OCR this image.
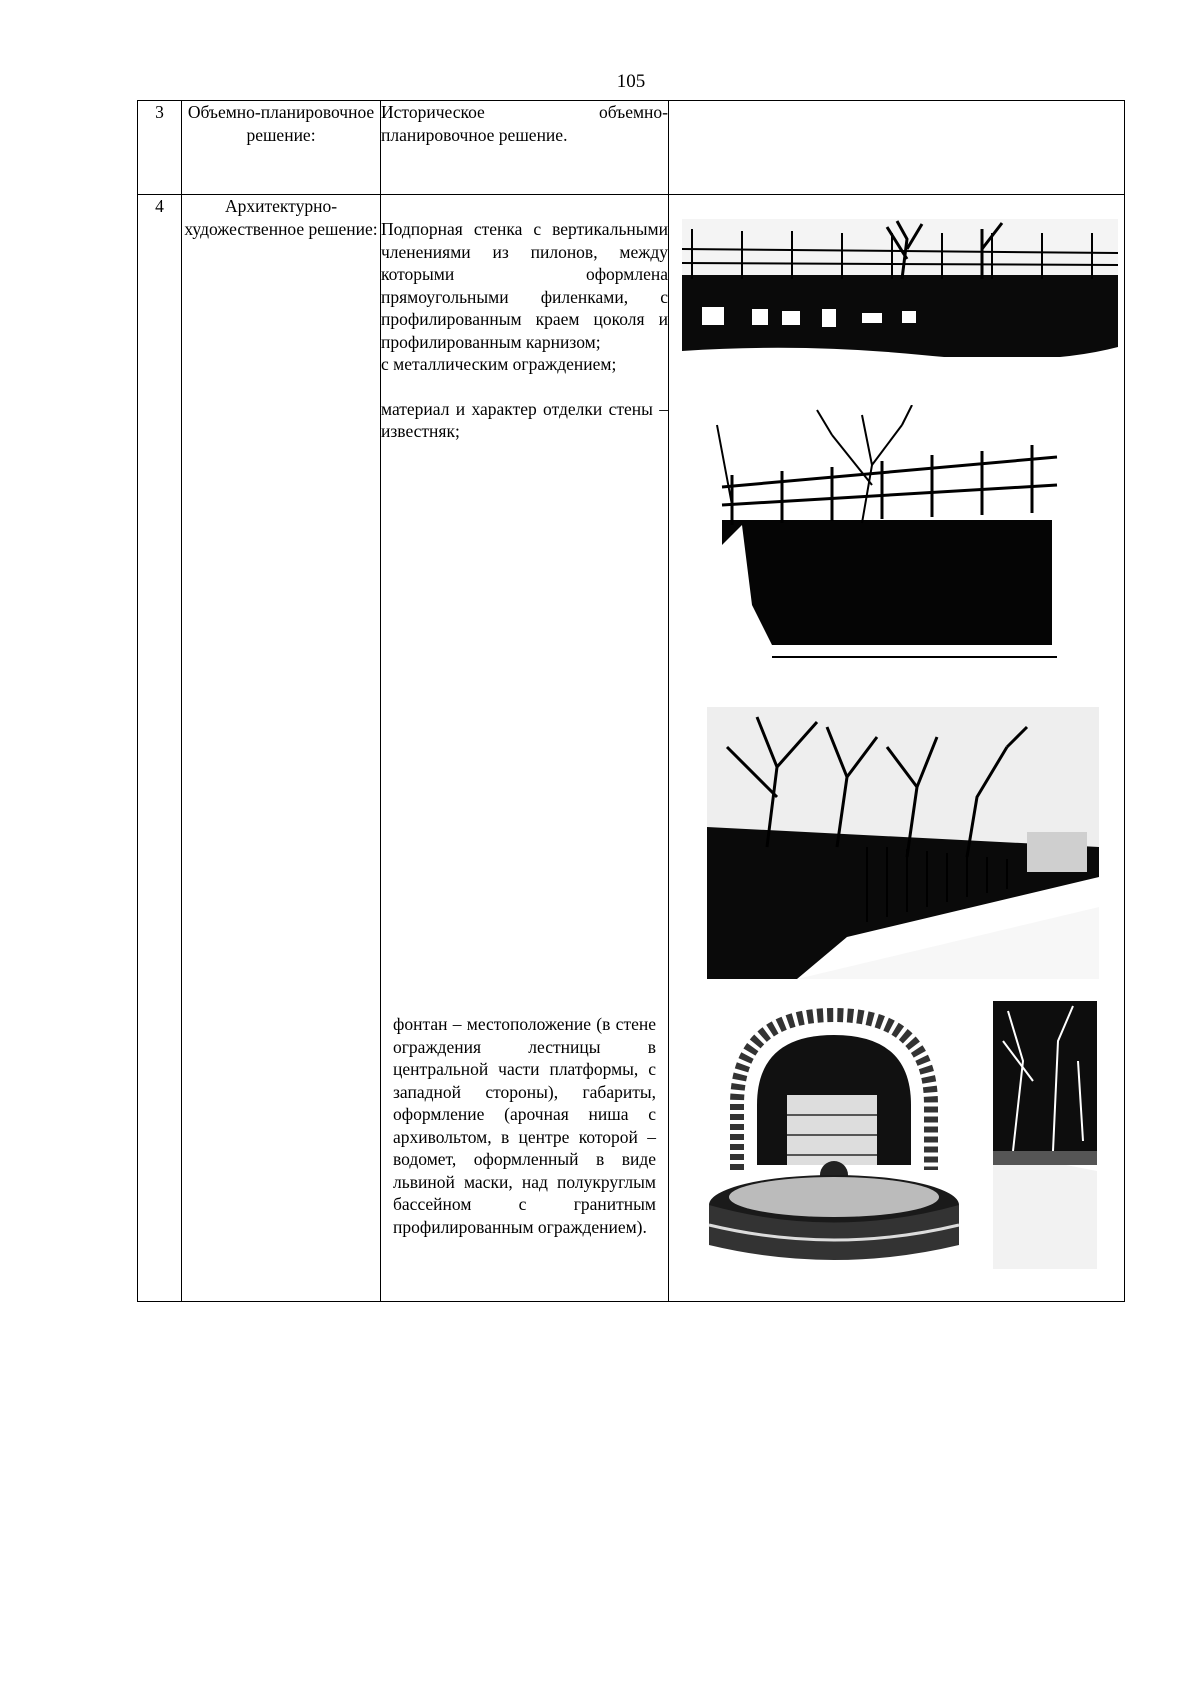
105
3	Объемно-планировочное решение:	Историческое объемно-планировочное решение.	

4	Архитектурно-художественное решение:	Подпорная стенка с вертикальными членениями из пилонов, между которыми оформлена прямоугольными филенками, с профилированным краем цоколя и профилированным карнизом;

с металлическим ограждением;

материал и характер отделки стены – известняк;

фонтан – местоположение (в стене ограждения лестницы в центральной части платформы, с западной стороны), габариты, оформление (арочная ниша с архивольтом, в центре которой – водомет, оформленный в виде львиной маски, над полукруглым бассейном с гранитным профилированным ограждением).
